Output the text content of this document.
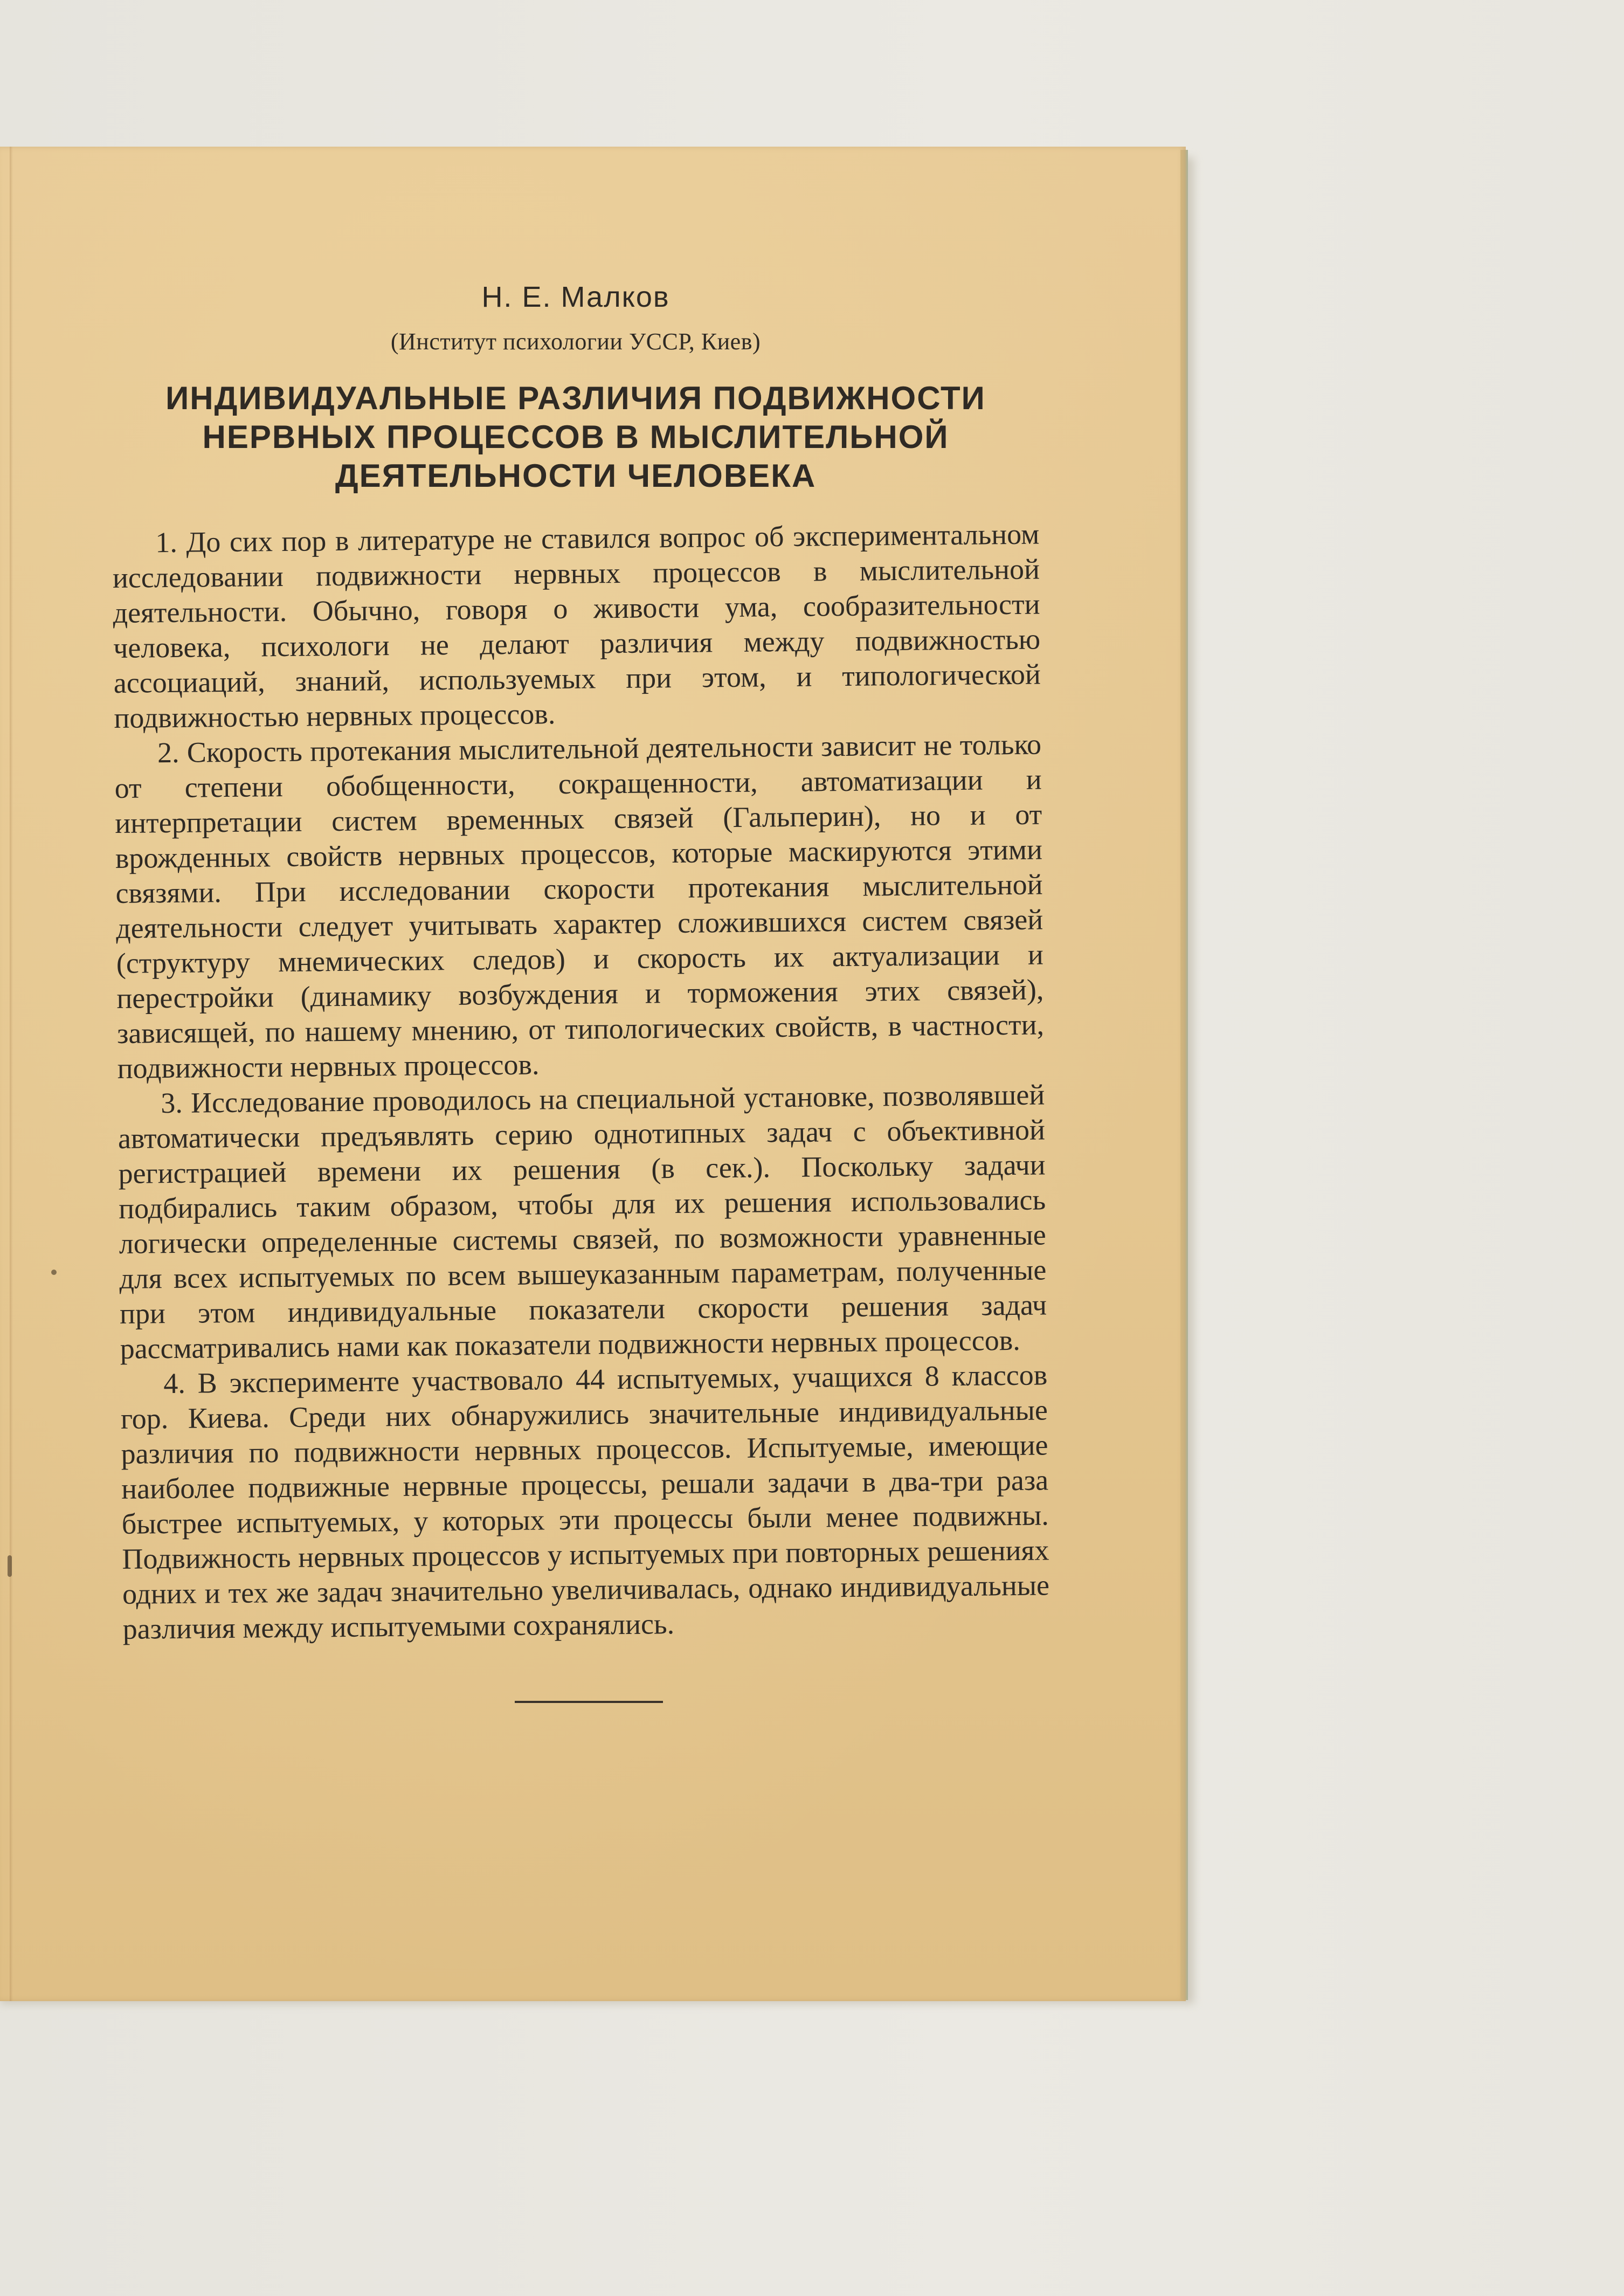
Н. Е. Малков
(Институт психологии УССР, Киев)
ИНДИВИДУАЛЬНЫЕ РАЗЛИЧИЯ ПОДВИЖНОСТИ
НЕРВНЫХ ПРОЦЕССОВ В МЫСЛИТЕЛЬНОЙ
ДЕЯТЕЛЬНОСТИ ЧЕЛОВЕКА

1. До сих пор в литературе не ставился вопрос об экспериментальном исследовании подвижности нервных процессов в мыслительной деятельности. Обычно, говоря о живости ума, сообразительности человека, психологи не делают различия между подвижностью ассоциаций, знаний, используемых при этом, и типологической подвижностью нервных процессов.

2. Скорость протекания мыслительной деятельности зависит не только от степени обобщенности, сокращенности, автоматизации и интерпретации систем временных связей (Гальперин), но и от врожденных свойств нервных процессов, которые маскируются этими связями. При исследовании скорости протекания мыслительной деятельности следует учитывать характер сложившихся систем связей (структуру мнемических следов) и скорость их актуализации и перестройки (динамику возбуждения и торможения этих связей), зависящей, по нашему мнению, от типологических свойств, в частности, подвижности нервных процессов.

3. Исследование проводилось на специальной установке, позволявшей автоматически предъявлять серию однотипных задач с объективной регистрацией времени их решения (в сек.). Поскольку задачи подбирались таким образом, чтобы для их решения использовались логически определенные системы связей, по возможности уравненные для всех испытуемых по всем вышеуказанным параметрам, полученные при этом индивидуальные показатели скорости решения задач рассматривались нами как показатели подвижности нервных процессов.

4. В эксперименте участвовало 44 испытуемых, учащихся 8 классов гор. Киева. Среди них обнаружились значительные индивидуальные различия по подвижности нервных процессов. Испытуемые, имеющие наиболее подвижные нервные процессы, решали задачи в два-три раза быстрее испытуемых, у которых эти процессы были менее подвижны. Подвижность нервных процессов у испытуемых при повторных решениях одних и тех же задач значительно увеличивалась, однако индивидуальные различия между испытуемыми сохранялись.
